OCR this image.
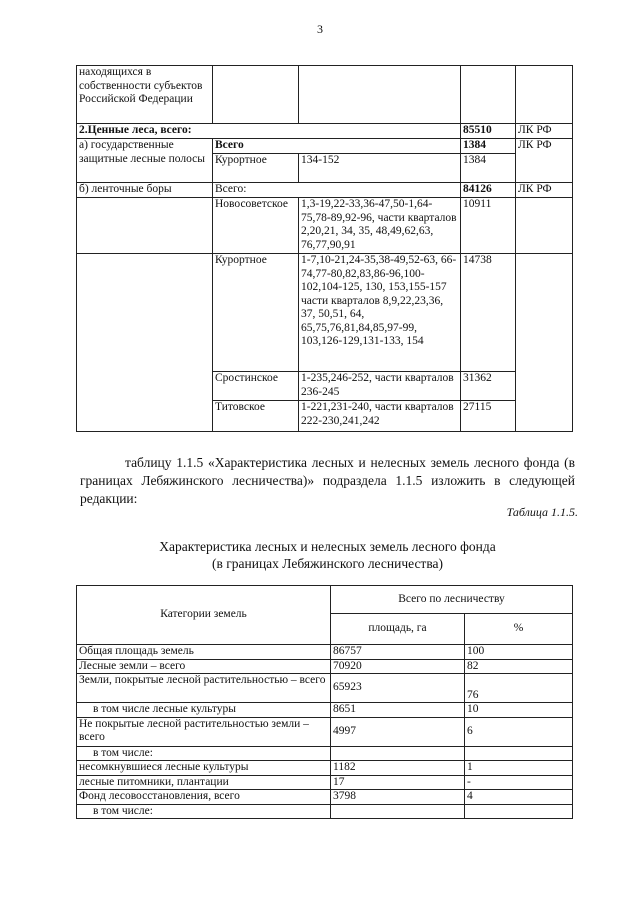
3
находящихся в собственности субъектов Российской Федерации				
2.Ценные леса, всего:			85510	ЛК РФ
а) государственные защитные лесные полосы	Всего		1384	ЛК РФ
	Курортное	134-152	1384	
б) ленточные боры	Всего:		84126	ЛК РФ
	Новосоветское	1,3-19,22-33,36-47,50-1,64-75,78-89,92-96, части кварталов 2,20,21, 34, 35, 48,49,62,63, 76,77,90,91	10911	
	Курортное	1-7,10-21,24-35,38-49,52-63, 66-74,77-80,82,83,86-96,100-102,104-125, 130, 153,155-157
части кварталов 8,9,22,23,36, 37, 50,51, 64, 65,75,76,81,84,85,97-99, 103,126-129,131-133, 154	14738	
	Сростинское	1-235,246-252, части кварталов 236-245	31362	
	Титовское	1-221,231-240, части кварталов 222-230,241,242	27115	
таблицу 1.1.5 «Характеристика лесных и нелесных земель лесного фонда (в границах Лебяжинского лесничества)» подраздела 1.1.5 изложить в следующей редакции:
Таблица 1.1.5.
Характеристика лесных и нелесных земель лесного фонда
(в границах Лебяжинского лесничества)
Категории земель	Всего по лесничеству	
	площадь, га	%
Общая площадь земель	86757	100
Лесные земли – всего	70920	82
Земли, покрытые лесной растительностью – всего	65923	76
в том числе лесные культуры	8651	10
Не покрытые лесной растительностью земли – всего	4997	6
в том числе:		
несомкнувшиеся лесные культуры	1182	1
лесные питомники, плантации	17	-
Фонд лесовосстановления, всего	3798	4
в том числе:		
